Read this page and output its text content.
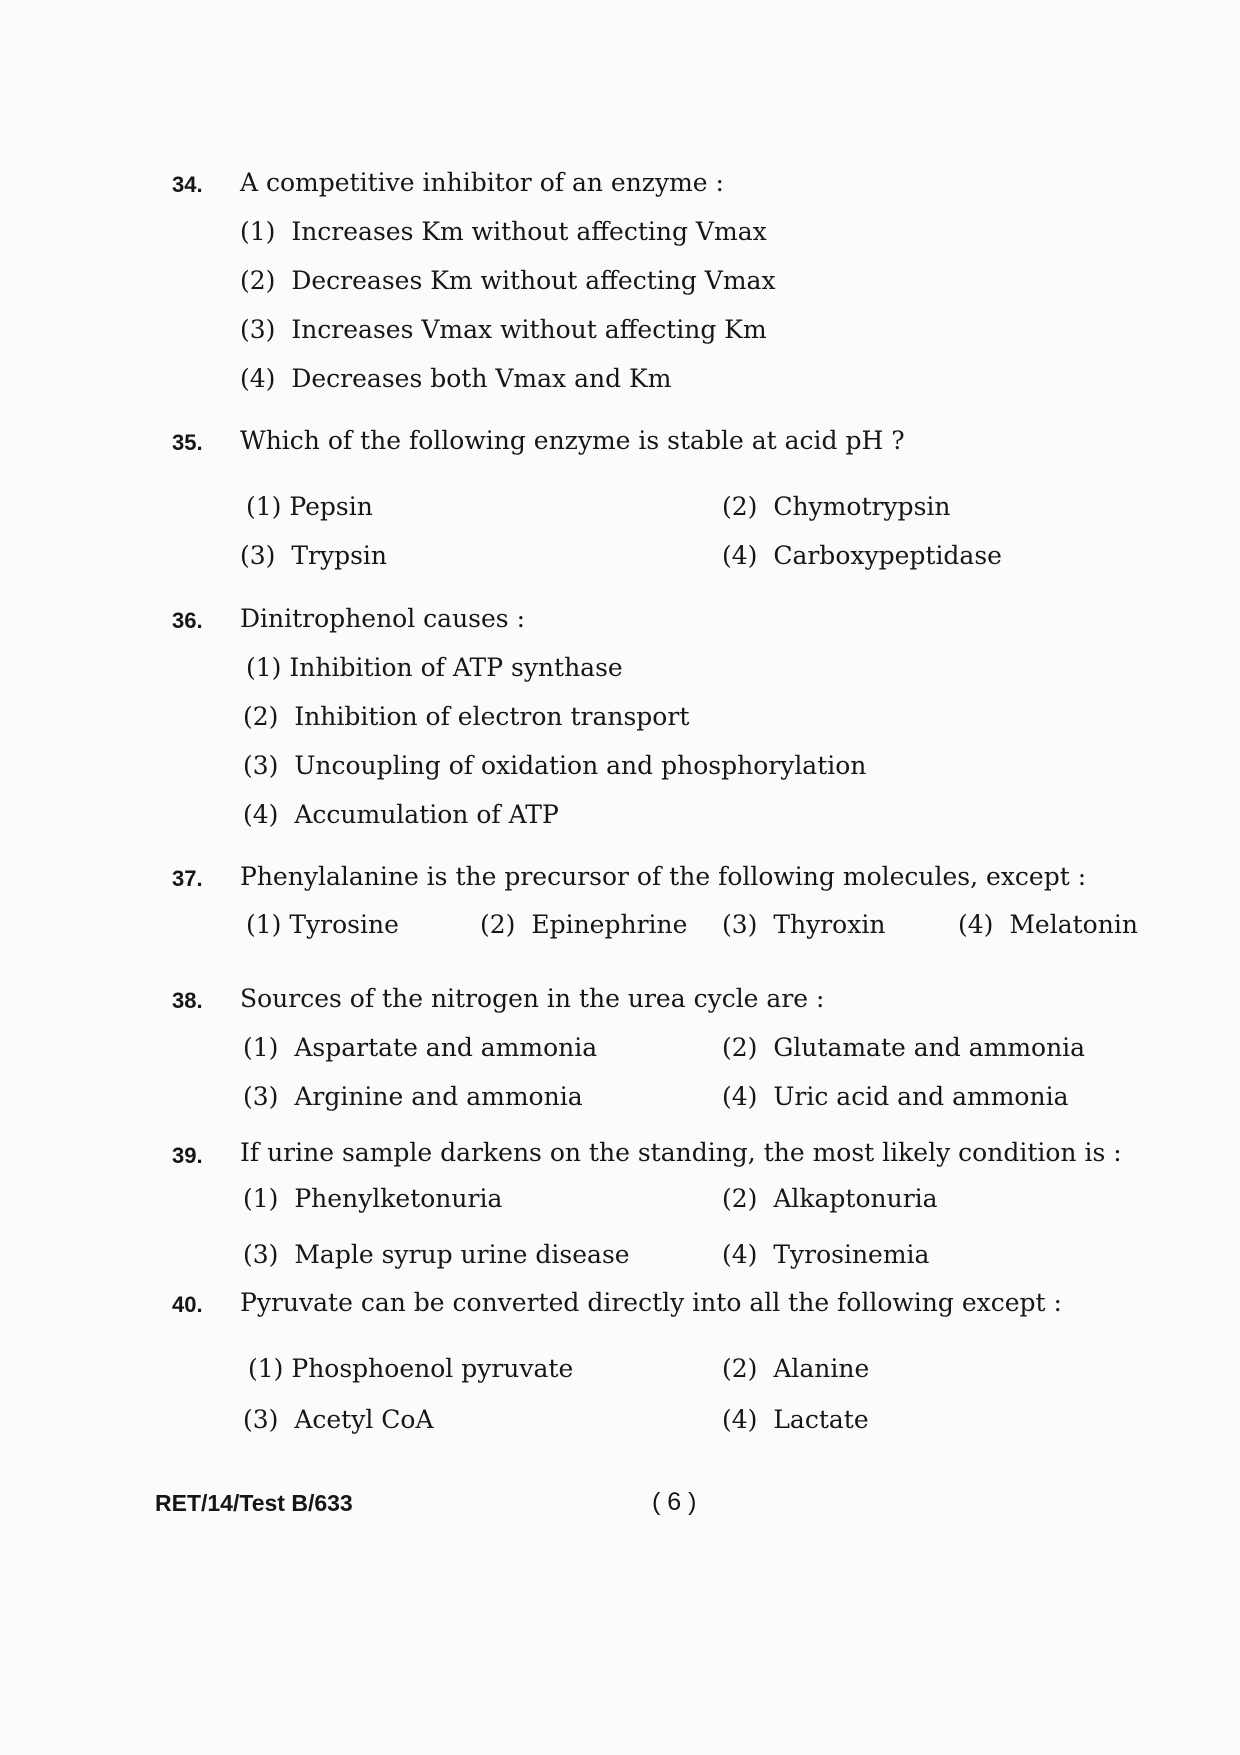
34. A competitive inhibitor of an enzyme :
(1) Increases Km without affecting Vmax
(2) Decreases Km without affecting Vmax
(3) Increases Vmax without affecting Km
(4) Decreases both Vmax and Km
35. Which of the following enzyme is stable at acid pH ?
(1) Pepsin	(2) Chymotrypsin
(3) Trypsin	(4) Carboxypeptidase
36. Dinitrophenol causes :
(1) Inhibition of ATP synthase
(2) Inhibition of electron transport
(3) Uncoupling of oxidation and phosphorylation
(4) Accumulation of ATP
37. Phenylalanine is the precursor of the following molecules, except :
(1) Tyrosine	(2) Epinephrine (3) Thyroxin	(4) Melatonin
38. Sources of the nitrogen in the urea cycle are :
(1) Aspartate and ammonia	(2) Glutamate and ammonia
(3) Arginine and ammonia	(4) Uric acid and ammonia
39. If urine sample darkens on the standing, the most likely condition is :
(1) Phenylketonuria	(2) Alkaptonuria
(3) Maple syrup urine disease	(4) Tyrosinemia
40. Pyruvate can be converted directly into all the following except :
(1) Phosphoenol pyruvate	(2) Alanine
(3) Acetyl CoA	(4) Lactate
RET/14/Test B/633	( 6 )
